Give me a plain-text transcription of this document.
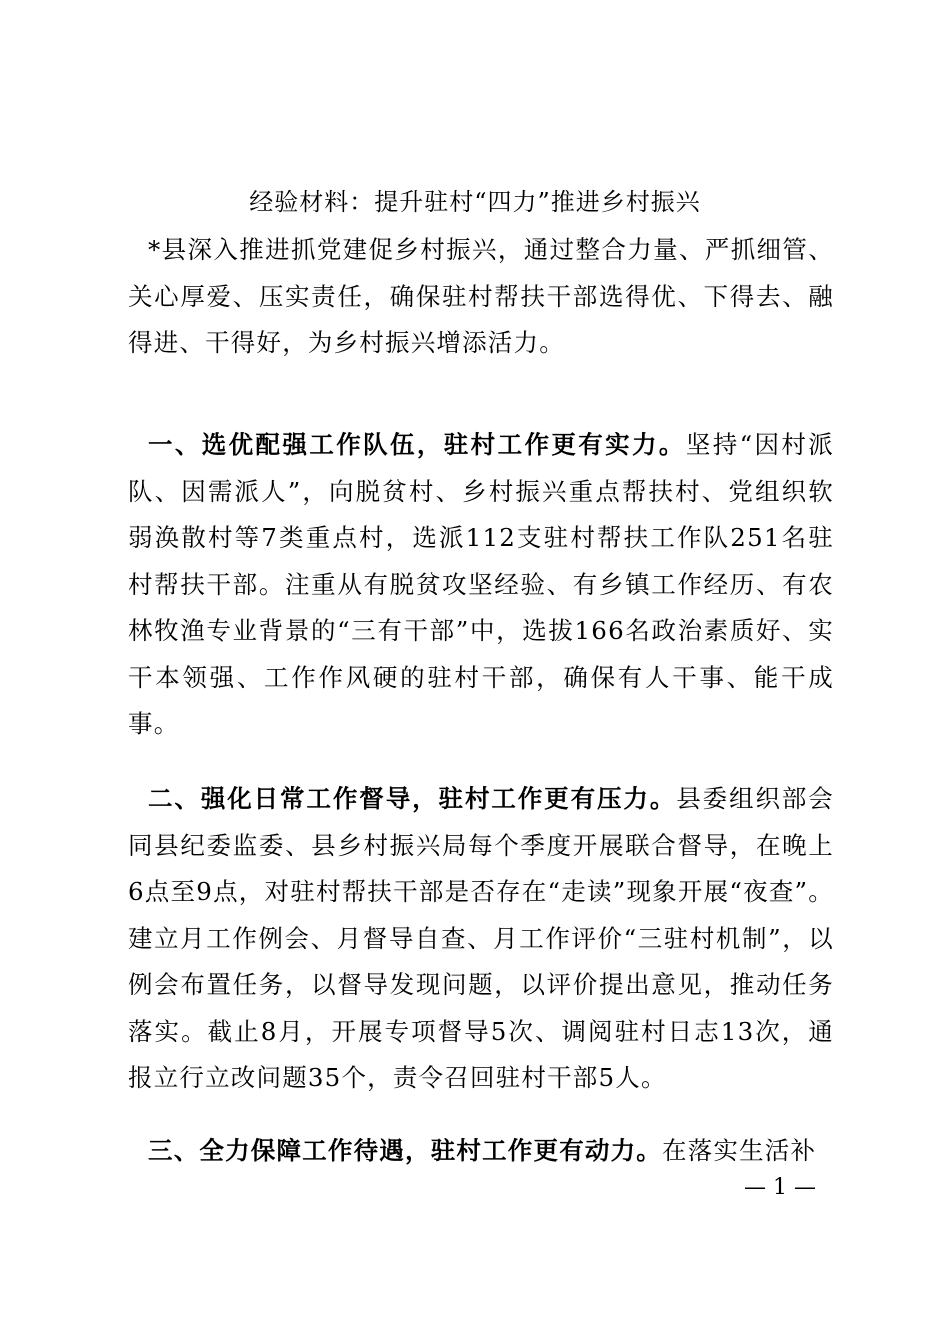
经验材料：提升驻村“四力”推进乡村振兴

*县深入推进抓党建促乡村振兴，通过整合力量、严抓细管、关心厚爱、压实责任，确保驻村帮扶干部选得优、下得去、融得进、干得好，为乡村振兴增添活力。

一、选优配强工作队伍，驻村工作更有实力。坚持“因村派队、因需派人”，向脱贫村、乡村振兴重点帮扶村、党组织软弱涣散村等7类重点村，选派112支驻村帮扶工作队251名驻村帮扶干部。注重从有脱贫攻坚经验、有乡镇工作经历、有农林牧渔专业背景的“三有干部”中，选拔166名政治素质好、实干本领强、工作作风硬的驻村干部，确保有人干事、能干成事。

二、强化日常工作督导，驻村工作更有压力。县委组织部会同县纪委监委、县乡村振兴局每个季度开展联合督导，在晚上6点至9点，对驻村帮扶干部是否存在“走读”现象开展“夜查”。建立月工作例会、月督导自查、月工作评价“三驻村机制”，以例会布置任务，以督导发现问题，以评价提出意见，推动任务落实。截止8月，开展专项督导5次、调阅驻村日志13次，通报立行立改问题35个，责令召回驻村干部5人。

三、全力保障工作待遇，驻村工作更有动力。在落实生活补

— 1 —
